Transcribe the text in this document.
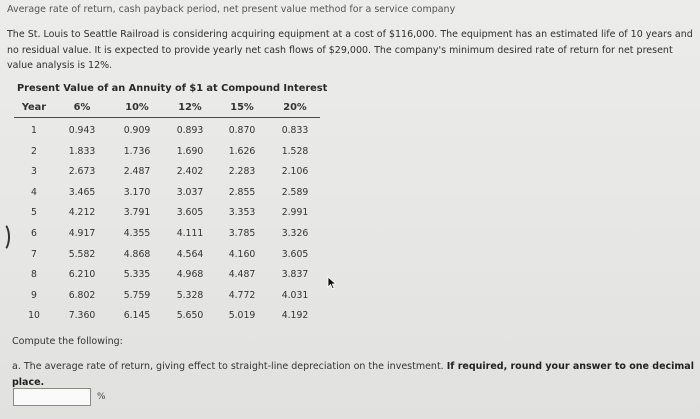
Average rate of return, cash payback period, net present value method for a service company
The St. Louis to Seattle Railroad is considering acquiring equipment at a cost of $116,000. The equipment has an estimated life of 10 years and no residual value. It is expected to provide yearly net cash flows of $29,000. The company's minimum desired rate of return for net present value analysis is 12%.
Present Value of an Annuity of $1 at Compound Interest
Year	6%	10%	12%	15%	20%
1	0.943	0.909	0.893	0.870	0.833
2	1.833	1.736	1.690	1.626	1.528
3	2.673	2.487	2.402	2.283	2.106
4	3.465	3.170	3.037	2.855	2.589
5	4.212	3.791	3.605	3.353	2.991
6	4.917	4.355	4.111	3.785	3.326
7	5.582	4.868	4.564	4.160	3.605
8	6.210	5.335	4.968	4.487	3.837
9	6.802	5.759	5.328	4.772	4.031
10	7.360	6.145	5.650	5.019	4.192
Compute the following:
a. The average rate of return, giving effect to straight-line depreciation on the investment. If required, round your answer to one decimal place.
%
